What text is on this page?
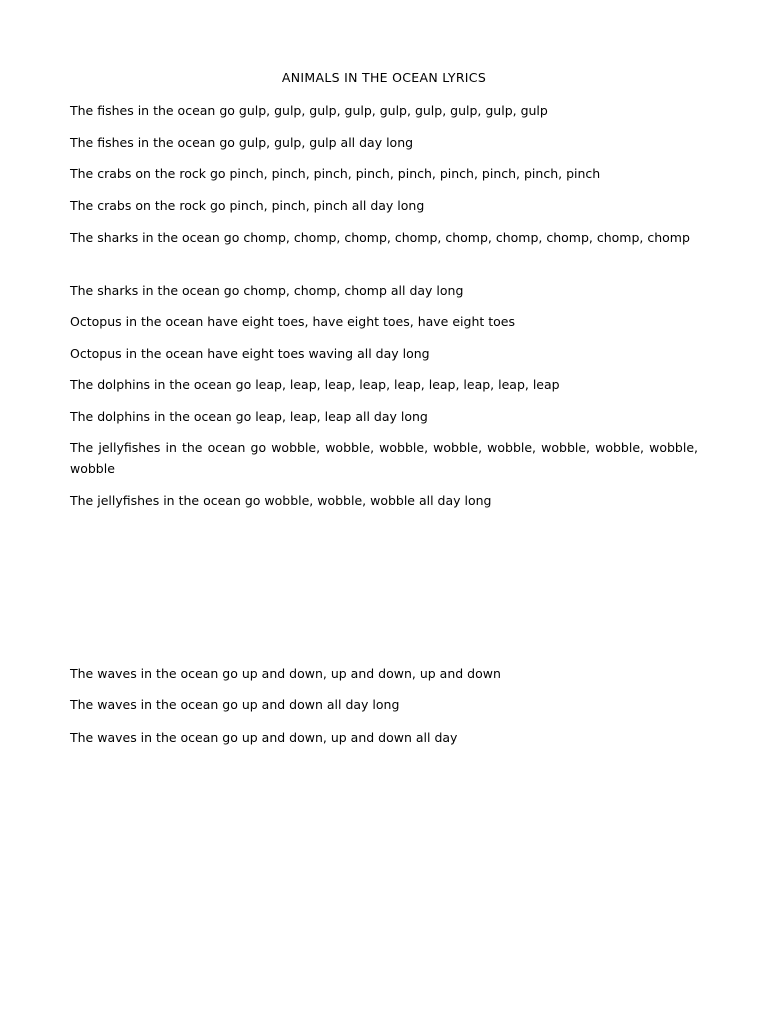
ANIMALS IN THE OCEAN LYRICS

The fishes in the ocean go gulp, gulp, gulp, gulp, gulp, gulp, gulp, gulp, gulp

The fishes in the ocean go gulp, gulp, gulp all day long

The crabs on the rock go pinch, pinch, pinch, pinch, pinch, pinch, pinch, pinch, pinch

The crabs on the rock go pinch, pinch, pinch all day long

The sharks in the ocean go chomp, chomp, chomp, chomp, chomp, chomp, chomp, chomp, chomp

The sharks in the ocean go chomp, chomp, chomp all day long

Octopus in the ocean have eight toes, have eight toes, have eight toes

Octopus in the ocean have eight toes waving all day long

The dolphins in the ocean go leap, leap, leap, leap, leap, leap, leap, leap, leap

The dolphins in the ocean go leap, leap, leap all day long

The jellyfishes in the ocean go wobble, wobble, wobble, wobble, wobble, wobble, wobble, wobble, wobble

The jellyfishes in the ocean go wobble, wobble, wobble all day long

The waves in the ocean go up and down, up and down, up and down

The waves in the ocean go up and down all day long

The waves in the ocean go up and down, up and down all day
